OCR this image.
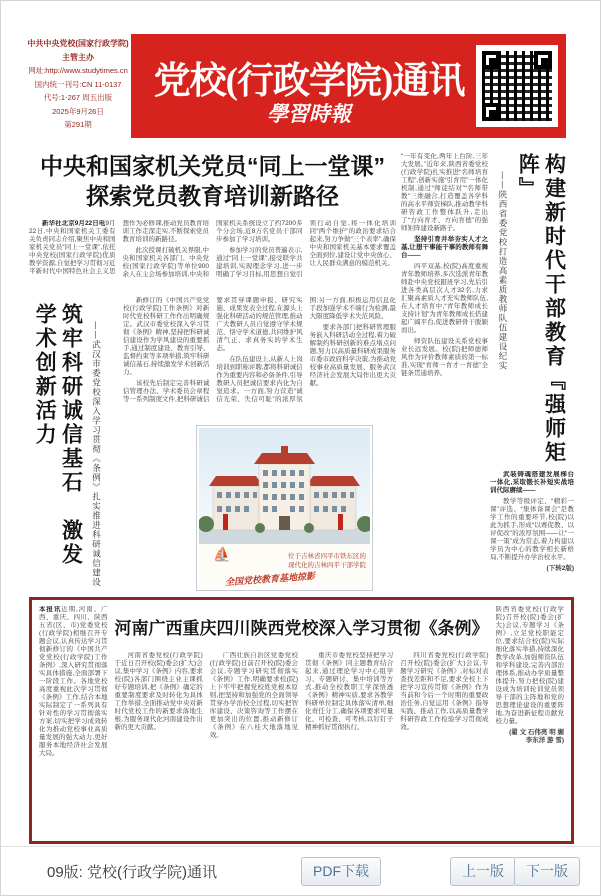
中共中央党校(国家行政学院)
主管主办
网址:http://www.studytimes.cn
国内统一刊号:CN 11-0137
代号:1-267 周五出版
2025年9月26日
第291期
党校(行政学院)通讯
學習時報
中央和国家机关党员“同上一堂课”
探索党员教育培训新路径

新华社北京9月22日电9月22日,中央和国家机关工委有关负责同志介绍,聚焦中央和国家机关党员“同上一堂课”,依托中央党校(国家行政学院)优质教学资源,自觉把学习贯彻习近平新时代中国特色社会主义思想作为必修课,推动党员教育培训工作走深走实,不断探索党员教育培训的新路径。

此次授课打破机关界限,中央和国家机关各部门、中央党校(国家行政学院)等单位900余人在主会场参加培训,中央和国家机关系统设立了约7200多个分会场,近8万名党员干部同步参加了学习培训。

参加学习的党员普遍表示,通过“同上一堂课”,接受联学共建培训,实现理念学习,进一步明确了学习目标,用思想自觉引领行动自觉,将一体化培训同“两个维护”的政治要求结合起来,努力争做“三个表率”,确保中央和国家机关基本要求覆盖全面到位,建设让党中央放心、让人民群众满意的模范机关。

——武汉市委党校深入学习贯彻《条例》扎实推进科研诚信建设
筑牢科研诚信基石　激发学术创新活力

新修订的《中国共产党党校(行政学院)工作条例》对新时代党校科研工作作出明确规定。武汉市委党校深入学习贯彻《条例》精神,坚持把科研诚信建设作为学风建设的重要抓手,通过制度建设、教育引导、监督约束等多项举措,筑牢科研诚信基石,持续激发学术创新活力。

该校先后制定完善科研诚信管理办法、学术委员会章程等一系列制度文件,把科研诚信要求贯穿课题申报、研究实施、成果发表全过程,在源头上强化科研活动的规范管理,推动广大教研人员自觉遵守学术规范、恪守学术道德,共同维护风清气正、求真务实的学术生态。

在队伍建设上,从新人上岗培训到职称评聘,都将科研诚信作为重要内容和必备条件,引导教研人员把诚信要求内化为自觉追求。一方面,努力营造“诚信光荣、失信可耻”的浓厚氛围;另一方面,积极运用信息化手段加强学术不端行为检测,最大限度降低学术失范风险。

要求各部门把科研管理服务嵌入科研活动全过程,着力破解制约科研创新的难点堵点问题,努力以高质量科研成果服务市委市政府科学决策,为推动党校事业高质量发展、服务武汉经济社会发展大局作出更大贡献。

⛵
全国党校教育基地掠影
位于吉林省四平市铁东区的
现代化的吉林四平干部学院

“一年有变化,两年上台阶,三年大发展。”近年来,陕西省委党校(行政学院)扎实推进“名师培育工程”,创新实施“引育用”一体化机制,通过“师徒结对”“名师带教”三维融合,打造覆盖各学科的高水平师资梯队,推动教学科研咨政工作整体跃升,走出了“方向育才、方向育德”的强师矩阵建设新路子。

坚持引育并举夯实人才之基,让想干事能干事的教师有舞台——

四平双基,校(院)高度重视青年教师培养,多次选派青年教师赴中央党校跟班学习,先后引进各类高层次人才32名,力求汇聚高素质人才充实教师队伍,在人才培育中,“青年教师成长支持计划”为青年教师成长搭建起广阔平台,促进教研骨干脱颖而出。

师资队伍建设关系党校事业长远发展。校(院)把师德师风作为评价教师素质的第一标准,实现“育师一育才一育德”全链条贯通培养。	构建新时代干部教育『强师矩阵』
——陕西省委党校打造高素质教师队伍建设纪实

武装铸魂搭建发展梯台一体化,采取锻长补短实战培训代际赓续——

教学等级评定、“精彩一课”评选、“集体备课会”是教学工作的重要环节,校(院)以此为抓手,形成“以赛促教、以评促改”的浓厚氛围——让“一课一策”成为常态,着力构建以学员为中心的教学相长新格局,不断提升办学治校水平。

(下转2版)

本报讯近期,河南、广西、重庆、四川、陕西五省(区、市)党委党校(行政学院)相继召开专题会议,认真传达学习贯彻新修订的《中国共产党党校(行政学院)工作条例》,深入研究贯彻落实具体措施,全面部署下一阶段工作。各地党校高度重视此次学习贯彻《条例》工作,结合本地实际制定了一系列具有针对性的学习贯彻落实方案,切实把学习成效转化为推动党校事业高质量发展的强大动力,更好服务本地经济社会发展大局。

河南广西重庆四川陕西党校深入学习贯彻《条例》

河南省委党校(行政学院)于近日召开校(院)委会(扩大)会议,集中学习《条例》内容,要求校(院)各部门围绕主业主课抓好专题培训,把《条例》确定的重要制度要求及时转化为具体工作举措,全面推动党中央对新时代党校工作的新要求落地生根,为服务现代化河南建设作出新的更大贡献。

广西壮族自治区党委党校(行政学院)日前召开校(院)委会会议,专题学习研究贯彻落实《条例》工作,明确要求校(院)上下牢牢把握党校姓党根本原则,把坚持和加强党的全面领导贯穿办学治校全过程,切实把智库建设、决策咨询等工作摆在更加突出的位置,推动新修订《条例》在八桂大地落地见效。

重庆市委党校坚持把学习贯彻《条例》同主题教育结合起来,通过理论学习中心组学习、专题研讨、集中培训等方式,推动全校教职工学深悟透《条例》精神实质,要求各教学科研单位制定具体落实清单,细化责任分工,确保各项要求可量化、可检查、可考核,以钉钉子精神抓好贯彻执行。

四川省委党校(行政学院)召开校(院)委会(扩大)会议,专题学习研究《条例》,对标对表查找差距和不足,要求全校上下把学习宣传贯彻《条例》作为当前和今后一个时期的重要政治任务,自觉运用《条例》指导实践、推动工作,以高质量教学科研咨政工作检验学习贯彻成效。

陕西省委党校(行政学院)召开校(院)委会(扩大)会议,专题学习《条例》,立足党校职能定位,要求结合校(院)实际细化落实举措,持续深化教学改革,加强师资队伍和学科建设,完善内部治理体系,推动办学质量整体提升,努力把校(院)建设成为培训轮训党员领导干部的主阵地和党的思想理论建设的重要阵地,为奋进新征程贡献党校力量。

(翟 文 石伟亮 明 媚 李东洋 游 雪)

09版: 党校(行政学院)通讯	PDF下载	上一版	下一版
